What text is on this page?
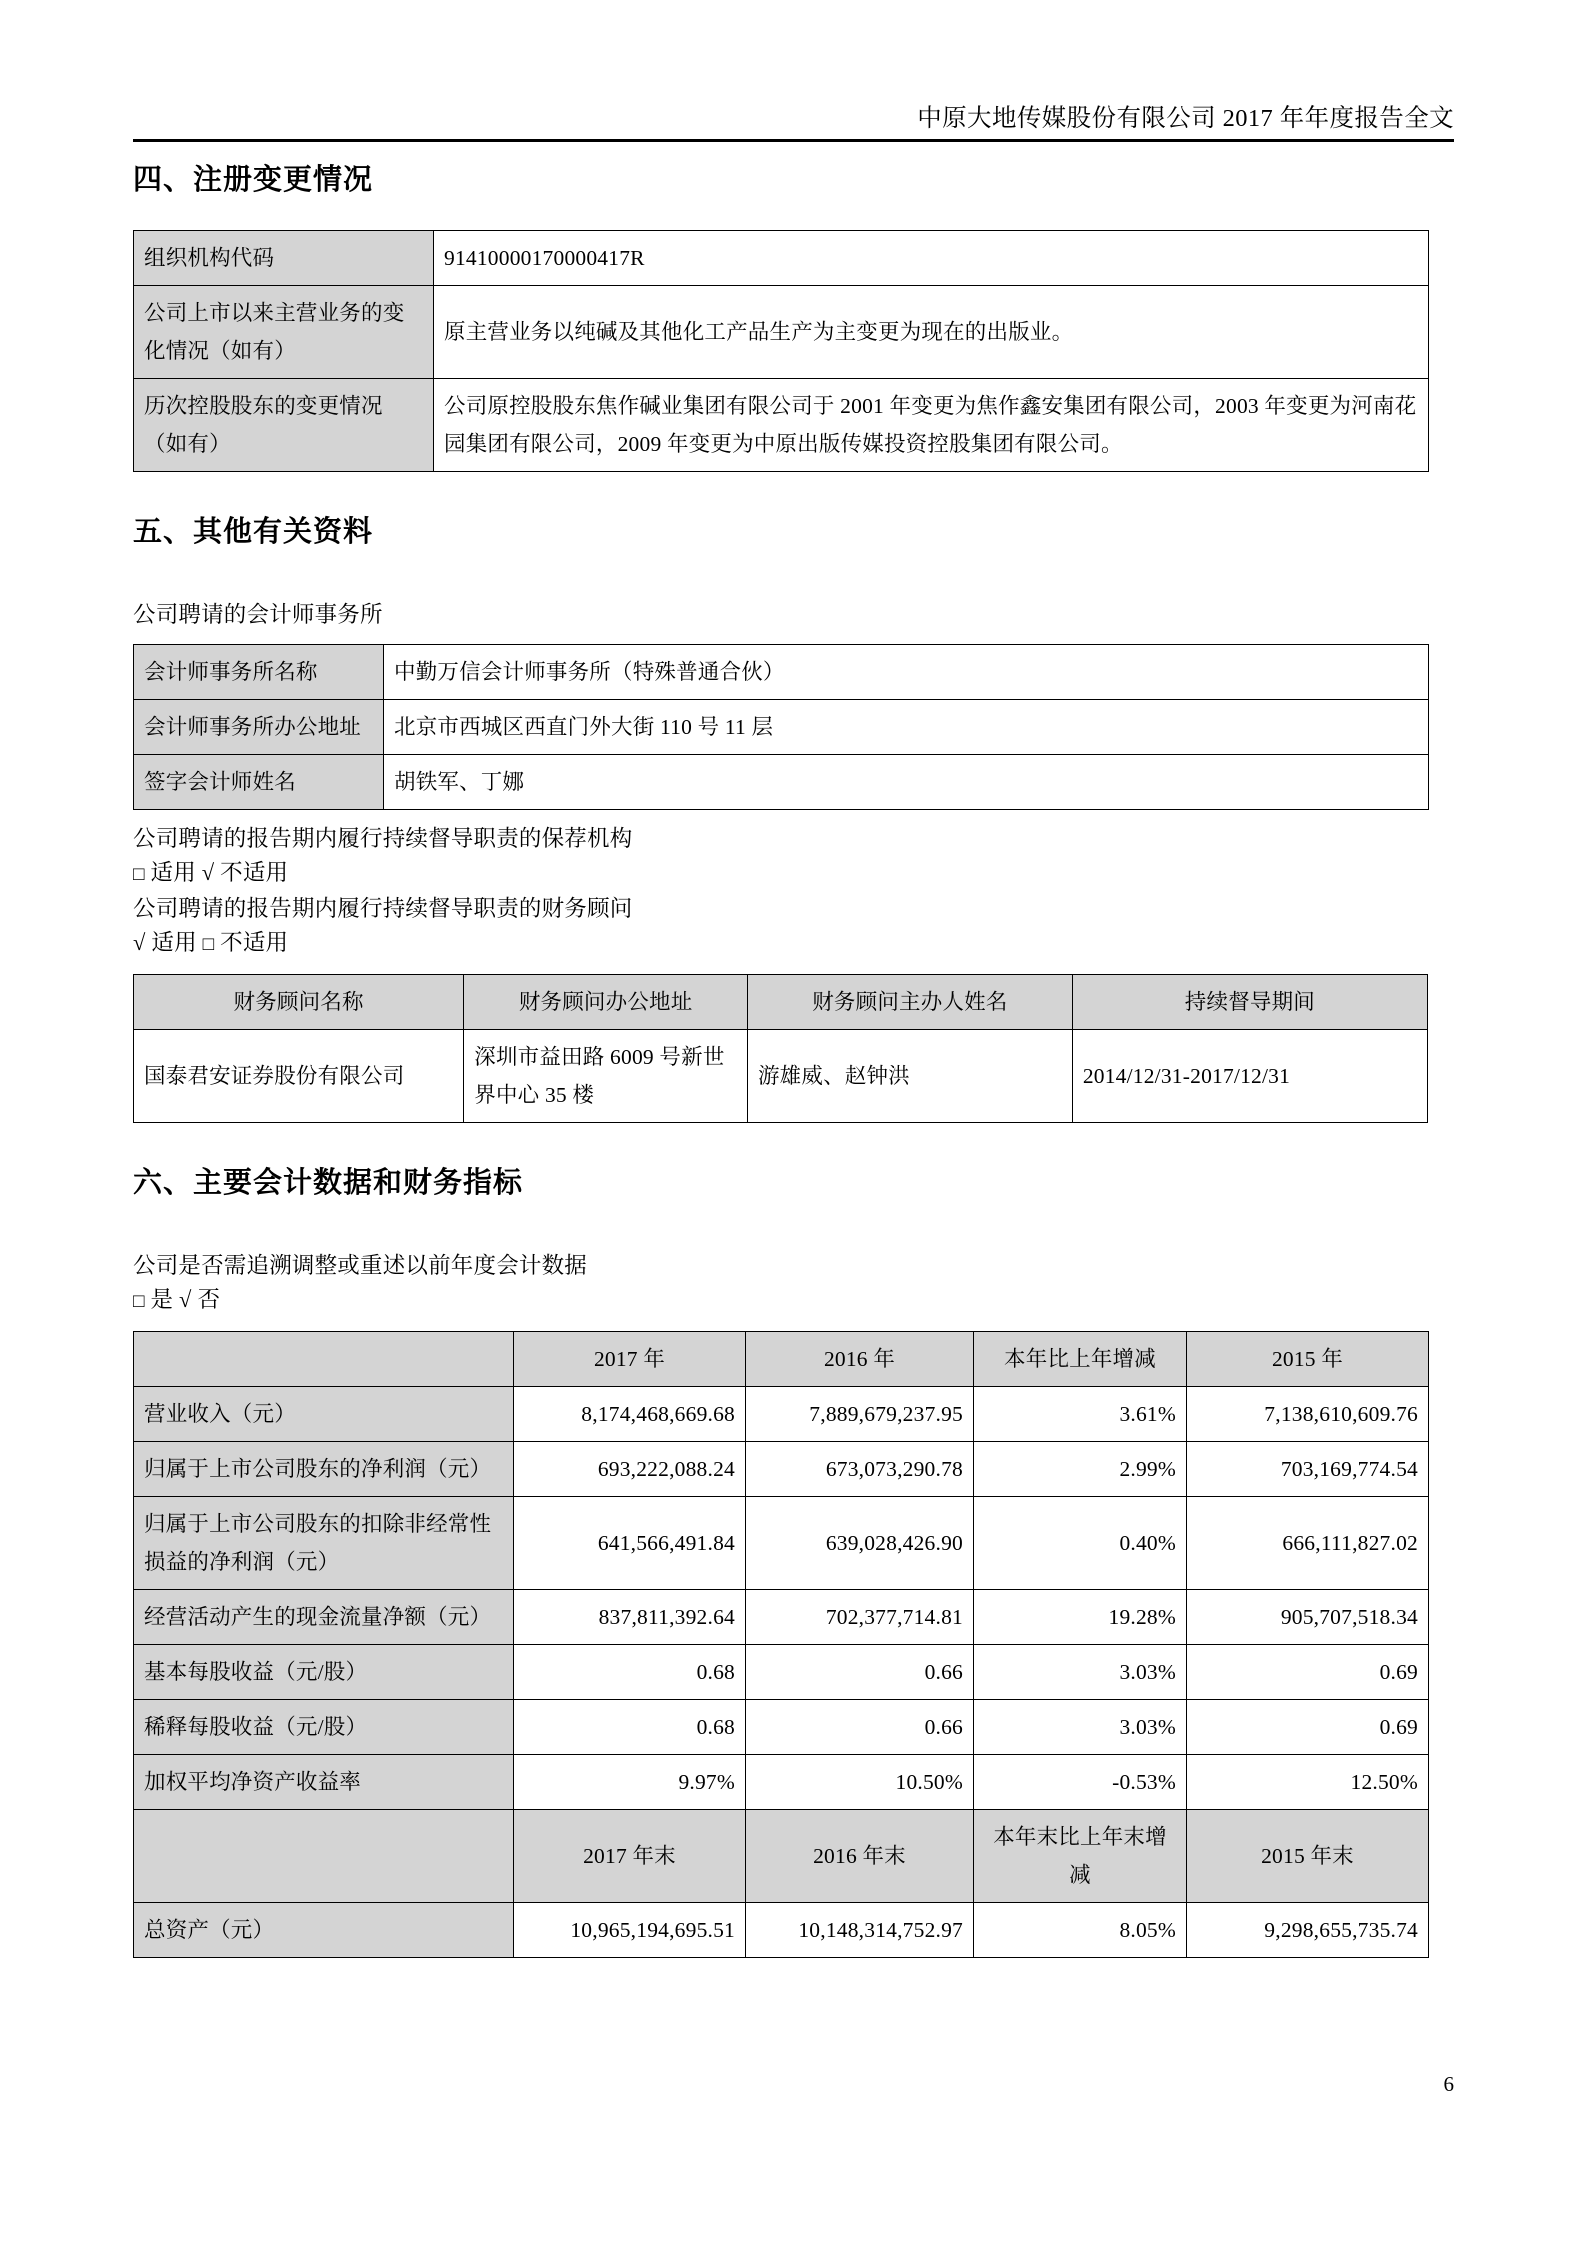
中原大地传媒股份有限公司 2017 年年度报告全文
四、注册变更情况
组织机构代码	91410000170000417R
公司上市以来主营业务的变化情况（如有）	原主营业务以纯碱及其他化工产品生产为主变更为现在的出版业。
历次控股股东的变更情况（如有）	公司原控股股东焦作碱业集团有限公司于 2001 年变更为焦作鑫安集团有限公司，2003 年变更为河南花园集团有限公司，2009 年变更为中原出版传媒投资控股集团有限公司。
五、其他有关资料
公司聘请的会计师事务所
会计师事务所名称	中勤万信会计师事务所（特殊普通合伙）
会计师事务所办公地址	北京市西城区西直门外大街 110 号 11 层
签字会计师姓名	胡铁军、丁娜
公司聘请的报告期内履行持续督导职责的保荐机构
□ 适用 √ 不适用
公司聘请的报告期内履行持续督导职责的财务顾问
√ 适用 □ 不适用
财务顾问名称	财务顾问办公地址	财务顾问主办人姓名	持续督导期间
国泰君安证券股份有限公司	深圳市益田路 6009 号新世界中心 35 楼	游雄威、赵钟洪	2014/12/31-2017/12/31
六、主要会计数据和财务指标
公司是否需追溯调整或重述以前年度会计数据
□ 是 √ 否
	2017 年	2016 年	本年比上年增减	2015 年
营业收入（元）	8,174,468,669.68	7,889,679,237.95	3.61%	7,138,610,609.76
归属于上市公司股东的净利润（元）	693,222,088.24	673,073,290.78	2.99%	703,169,774.54
归属于上市公司股东的扣除非经常性损益的净利润（元）	641,566,491.84	639,028,426.90	0.40%	666,111,827.02
经营活动产生的现金流量净额（元）	837,811,392.64	702,377,714.81	19.28%	905,707,518.34
基本每股收益（元/股）	0.68	0.66	3.03%	0.69
稀释每股收益（元/股）	0.68	0.66	3.03%	0.69
加权平均净资产收益率	9.97%	10.50%	-0.53%	12.50%
	2017 年末	2016 年末	本年末比上年末增减	2015 年末
总资产（元）	10,965,194,695.51	10,148,314,752.97	8.05%	9,298,655,735.74
6
